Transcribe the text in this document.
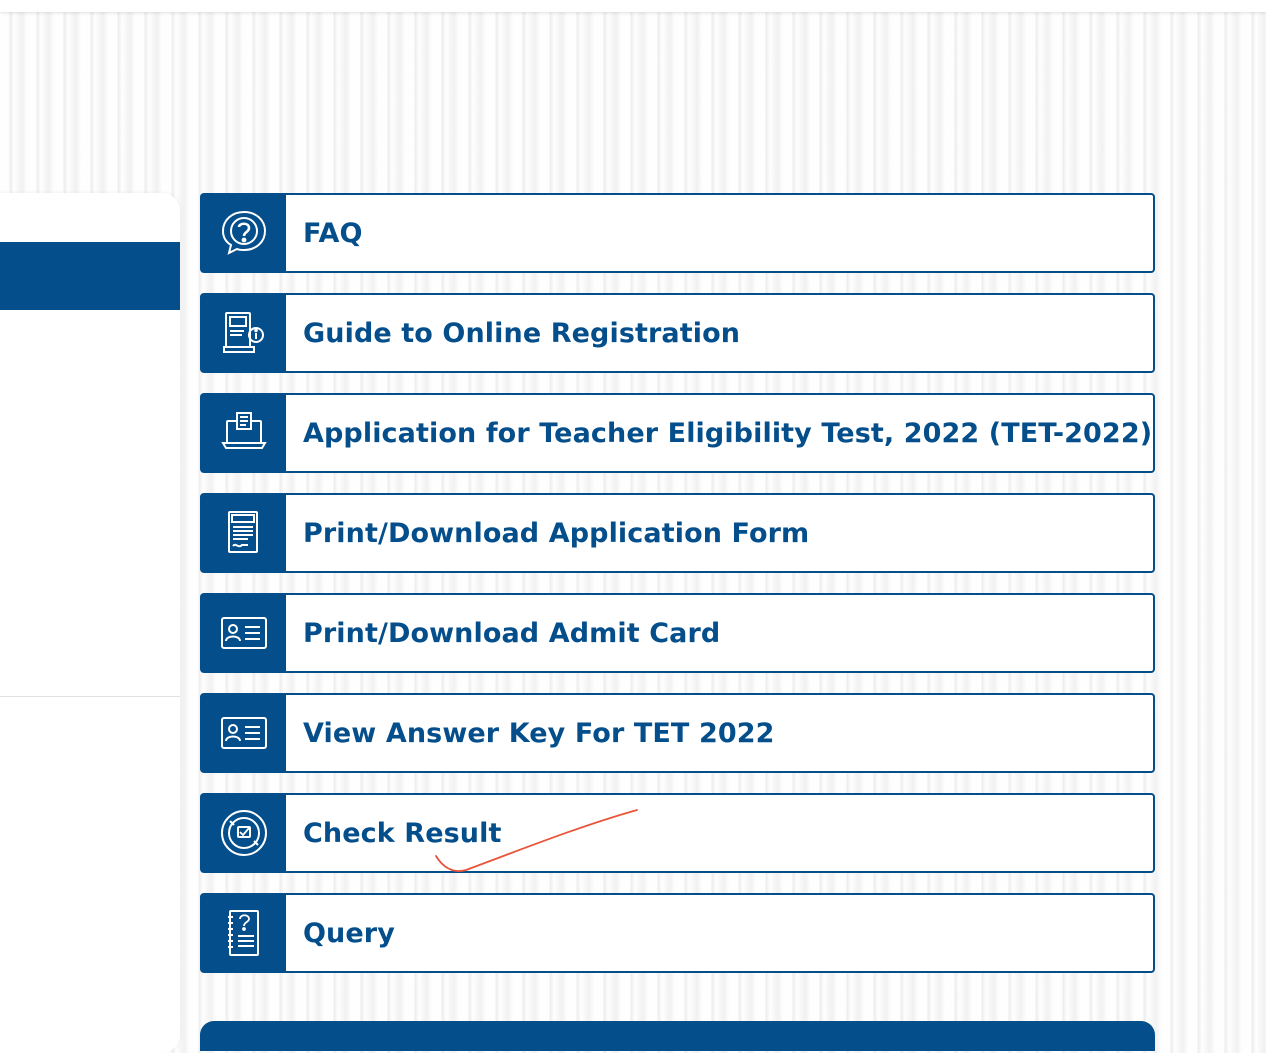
FAQ
Guide to Online Registration
Application for Teacher Eligibility Test, 2022 (TET-2022)
Print/Download Application Form
Print/Download Admit Card
View Answer Key For TET 2022
Check Result
Query
